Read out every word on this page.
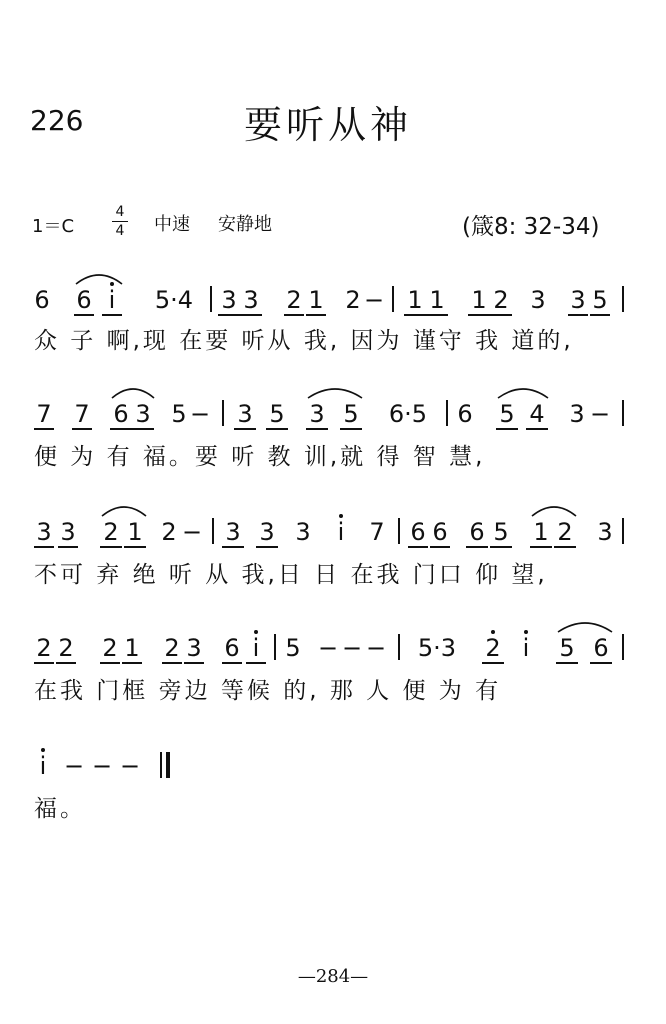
226	要听从神
1＝C
4
4 中速 安静地	(箴8: 32-34)
6 6 i	5·4	3 3 2 1 2 − 1 1 1 2 3 3 5
众 子 啊,现 在要 听从 我, 因为 谨守 我 道的,
7 7 6 3 5 − 3 5 3 5	6·5	6 5 4 3 −
便 为 有 福。要 听 教 训,就 得 智 慧,
3 3 2 1 2 − 3 3 3 i 7 6 6 6 5 1 2 3
不可 弃 绝 听 从 我,日 日 在我 门口 仰 望,
2 2 2 1 2 3 6 i 5 − − −	5·3	2 i 5 6
在我 门框 旁边 等候 的, 那 人 便 为 有
i − − −
福。
—284—
